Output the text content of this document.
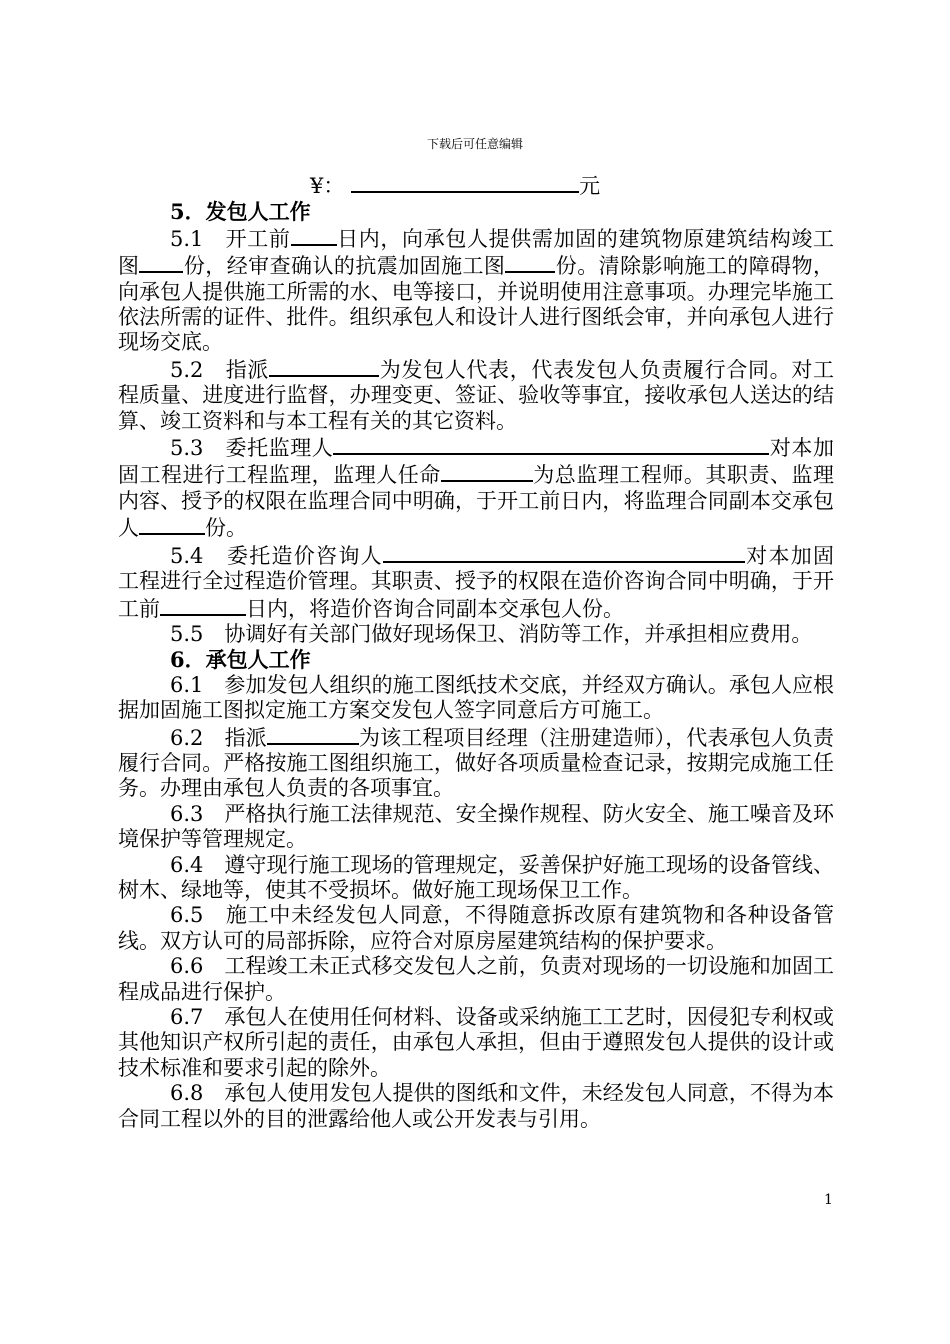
下载后可任意编辑
¥：	元
5．发包人工作

5.1　开工前 日内，向承包人提供需加固的建筑物原建筑结构竣工图 份，经审查确认的抗震加固施工图 份。清除影响施工的障碍物，向承包人提供施工所需的水、电等接口，并说明使用注意事项。办理完毕施工依法所需的证件、批件。组织承包人和设计人进行图纸会审，并向承包人进行现场交底。

5.2　指派	为发包人代表，代表发包人负责履行合同。对工程质量、进度进行监督，办理变更、签证、验收等事宜，接收承包人送达的结算、竣工资料和与本工程有关的其它资料。

5.3　委托监理人	对本加固工程进行工程监理，监理人任命	为总监理工程师。其职责、监理内容、授予的权限在监理合同中明确，于开工前日内，将监理合同副本交承包人	份。

5.4　委托造价咨询人	对本加固工程进行全过程造价管理。其职责、授予的权限在造价咨询合同中明确，于开工前	日内，将造价咨询合同副本交承包人份。

5.5　协调好有关部门做好现场保卫、消防等工作，并承担相应费用。

6．承包人工作

6.1　参加发包人组织的施工图纸技术交底，并经双方确认。承包人应根据加固施工图拟定施工方案交发包人签字同意后方可施工。

6.2　指派	为该工程项目经理（注册建造师），代表承包人负责履行合同。严格按施工图组织施工，做好各项质量检查记录，按期完成施工任务。办理由承包人负责的各项事宜。

6.3　严格执行施工法律规范、安全操作规程、防火安全、施工噪音及环境保护等管理规定。

6.4　遵守现行施工现场的管理规定，妥善保护好施工现场的设备管线、树木、绿地等，使其不受损坏。做好施工现场保卫工作。

6.5　施工中未经发包人同意，不得随意拆改原有建筑物和各种设备管线。双方认可的局部拆除，应符合对原房屋建筑结构的保护要求。

6.6　工程竣工未正式移交发包人之前，负责对现场的一切设施和加固工程成品进行保护。

6.7　承包人在使用任何材料、设备或采纳施工工艺时，因侵犯专利权或其他知识产权所引起的责任，由承包人承担，但由于遵照发包人提供的设计或技术标准和要求引起的除外。

6.8　承包人使用发包人提供的图纸和文件，未经发包人同意，不得为本合同工程以外的目的泄露给他人或公开发表与引用。

1
